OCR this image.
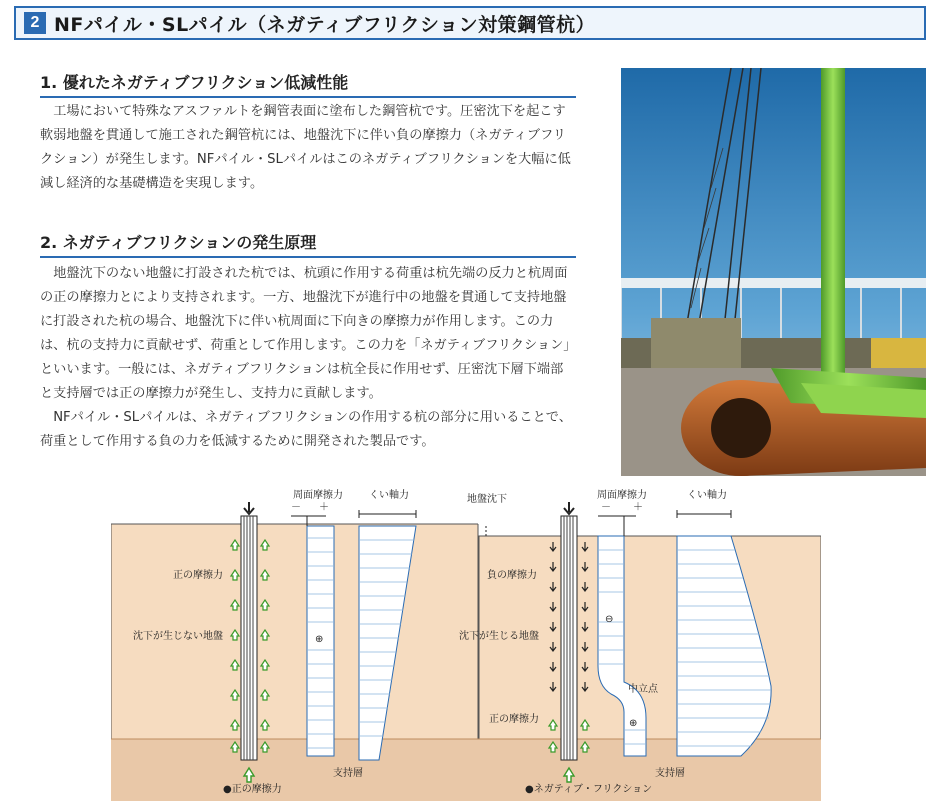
2 NFパイル・SLパイル（ネガティブフリクション対策鋼管杭）
1. 優れたネガティブフリクション低減性能

工場において特殊なアスファルトを鋼管表面に塗布した鋼管杭です。圧密沈下を起こす軟弱地盤を貫通して施工された鋼管杭には、地盤沈下に伴い負の摩擦力（ネガティブフリクション）が発生します。NFパイル・SLパイルはこのネガティブフリクションを大幅に低減し経済的な基礎構造を実現します。

2. ネガティブフリクションの発生原理

地盤沈下のない地盤に打設された杭では、杭頭に作用する荷重は杭先端の反力と杭周面の正の摩擦力とにより支持されます。一方、地盤沈下が進行中の地盤を貫通して支持地盤に打設された杭の場合、地盤沈下に伴い杭周面に下向きの摩擦力が作用します。この力は、杭の支持力に貢献せず、荷重として作用します。この力を「ネガティブフリクション」といいます。一般には、ネガティブフリクションは杭全長に作用せず、圧密沈下層下端部と支持層では正の摩擦力が発生し、支持力に貢献します。

NFパイル・SLパイルは、ネガティブフリクションの作用する杭の部分に用いることで、荷重として作用する負の力を低減するために開発された製品です。

周面摩擦力
－ ＋
くい軸力
正の摩擦力
沈下が生じない地盤	⊕
支持層
●正の摩擦力
地盤沈下	周面摩擦力
－ ＋
くい軸力
負の摩擦力
沈下が生じる地盤
正の摩擦力
⊖
中立点
⊕
支持層
●ネガティブ・フリクション
